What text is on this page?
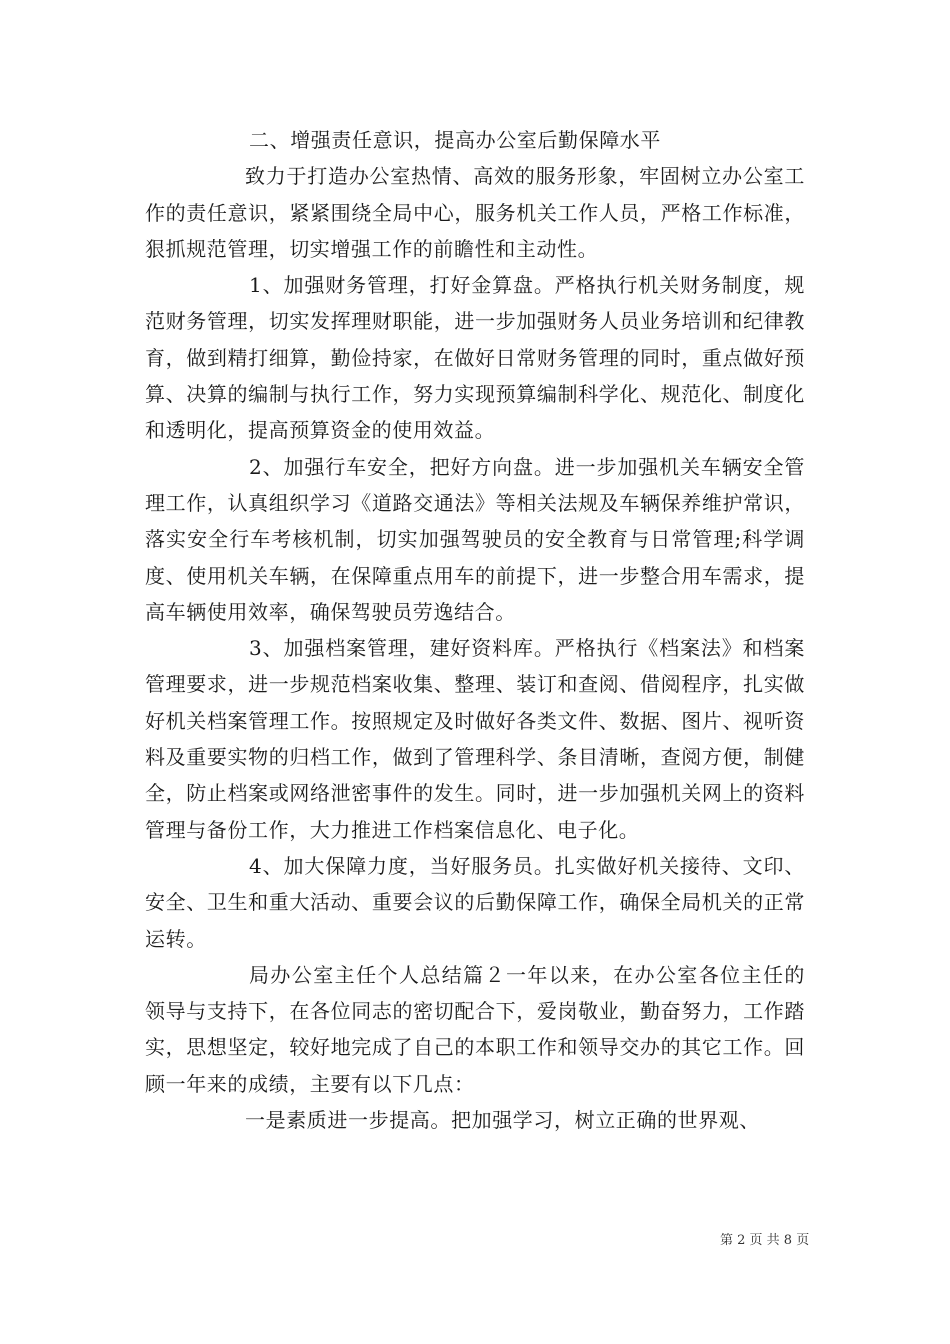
二、增强责任意识，提高办公室后勤保障水平

致力于打造办公室热情、高效的服务形象，牢固树立办公室工作的责任意识，紧紧围绕全局中心，服务机关工作人员，严格工作标准，狠抓规范管理，切实增强工作的前瞻性和主动性。

1、加强财务管理，打好金算盘。严格执行机关财务制度，规范财务管理，切实发挥理财职能，进一步加强财务人员业务培训和纪律教育，做到精打细算，勤俭持家，在做好日常财务管理的同时，重点做好预算、决算的编制与执行工作，努力实现预算编制科学化、规范化、制度化和透明化，提高预算资金的使用效益。

2、加强行车安全，把好方向盘。进一步加强机关车辆安全管理工作，认真组织学习《道路交通法》等相关法规及车辆保养维护常识，落实安全行车考核机制，切实加强驾驶员的安全教育与日常管理;科学调度、使用机关车辆，在保障重点用车的前提下，进一步整合用车需求，提高车辆使用效率，确保驾驶员劳逸结合。

3、加强档案管理，建好资料库。严格执行《档案法》和档案管理要求，进一步规范档案收集、整理、装订和查阅、借阅程序，扎实做好机关档案管理工作。按照规定及时做好各类文件、数据、图片、视听资料及重要实物的归档工作，做到了管理科学、条目清晰，查阅方便，制健全，防止档案或网络泄密事件的发生。同时，进一步加强机关网上的资料管理与备份工作，大力推进工作档案信息化、电子化。

4、加大保障力度，当好服务员。扎实做好机关接待、文印、安全、卫生和重大活动、重要会议的后勤保障工作，确保全局机关的正常运转。

局办公室主任个人总结篇２一年以来，在办公室各位主任的领导与支持下，在各位同志的密切配合下，爱岗敬业，勤奋努力，工作踏实，思想坚定，较好地完成了自己的本职工作和领导交办的其它工作。回顾一年来的成绩，主要有以下几点：

一是素质进一步提高。把加强学习，树立正确的世界观、

第 2 页 共 8 页
